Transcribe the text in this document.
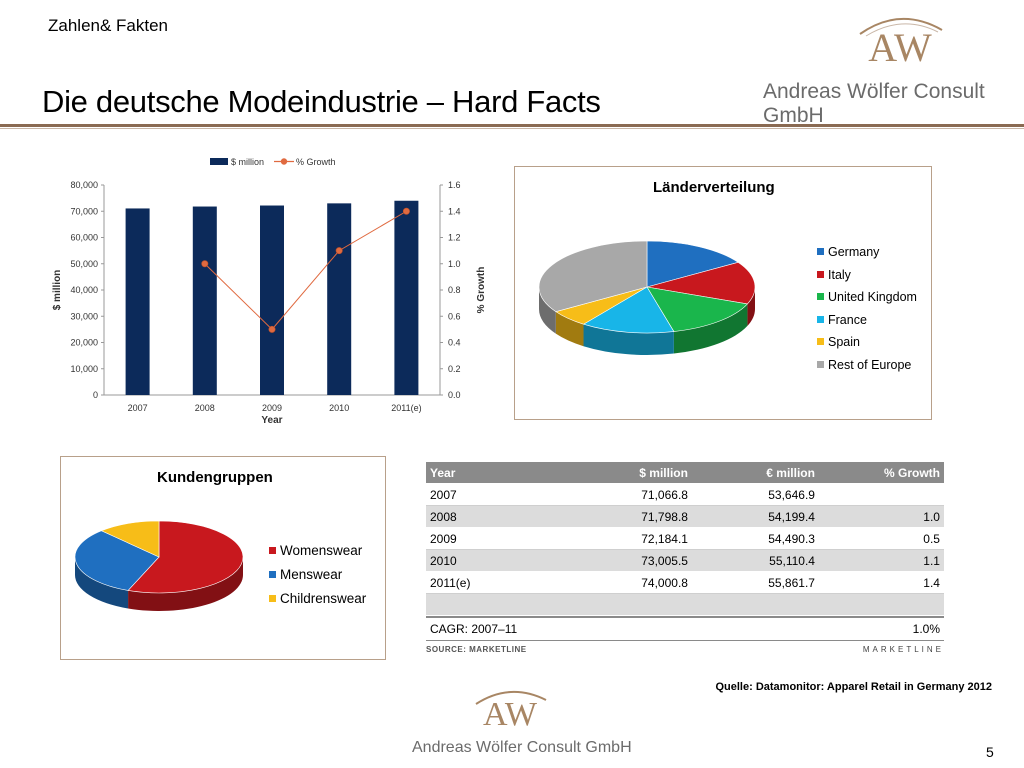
Zahlen& Fakten
Die deutsche Modeindustrie – Hard Facts
AW
Andreas Wölfer Consult GmbH
80,000
70,000
60,000
50,000
40,000
30,000
20,000
10,000
0
1.6
1.4
1.2
1.0
0.8
0.6
0.4
0.2
0.0
2007	2008	2009	2010	2011(e)
$ million	% Growth
$ million	% Growth
Year
Länderverteilung
Germany
Italy
United Kingdom
France
Spain
Rest of Europe
Kundengruppen
Womenswear
Menswear
Childrenswear
Year	$ million	€ million	% Growth
2007	71,066.8	53,646.9
2008	71,798.8	54,199.4	1.0
2009	72,184.1	54,490.3	0.5
2010	73,005.5	55,110.4	1.1
2011(e)	74,000.8	55,861.7	1.4
CAGR: 2007–11	1.0%
SOURCE: MARKETLINE	MARKETLINE
Quelle: Datamonitor: Apparel Retail in Germany 2012
AW
Andreas Wölfer Consult GmbH	5
